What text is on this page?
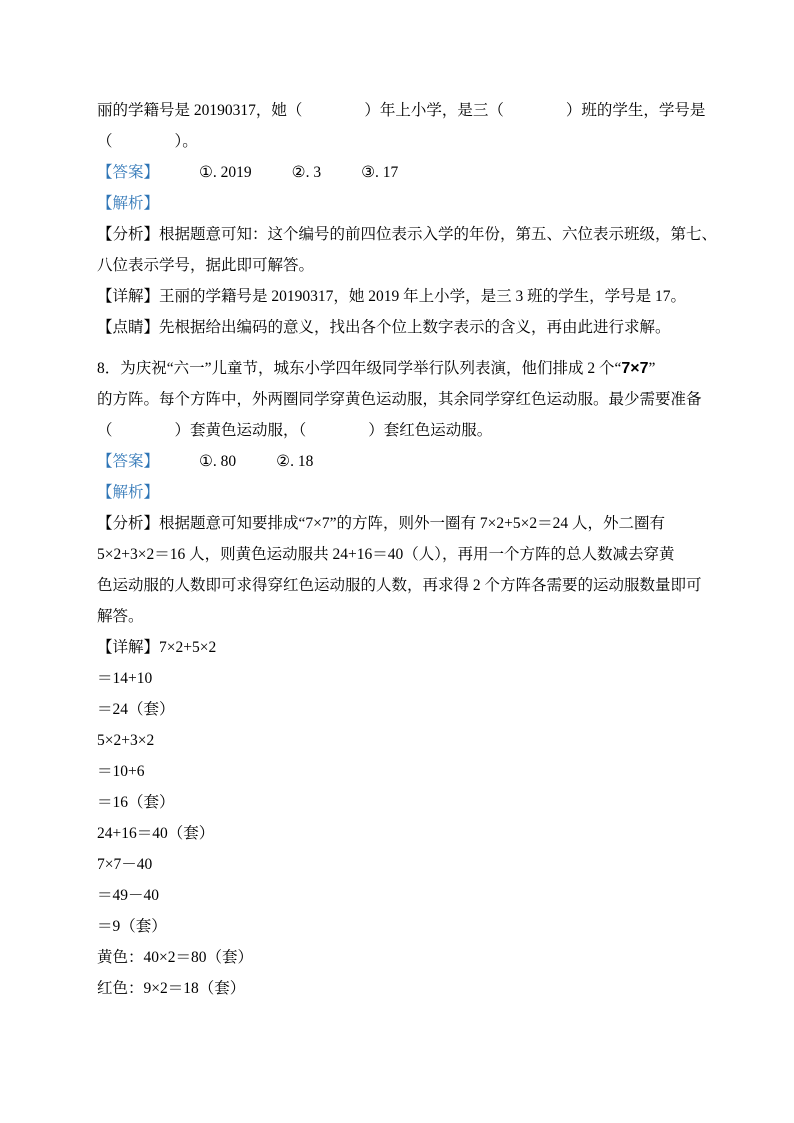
丽的学籍号是 20190317，她（　　　　）年上小学，是三（　　　　）班的学生，学号是

（　　　　）。

【答案】	①. 2019	②. 3	③. 17

【解析】

【分析】根据题意可知：这个编号的前四位表示入学的年份，第五、六位表示班级，第七、

八位表示学号，据此即可解答。

【详解】王丽的学籍号是 20190317，她 2019 年上小学，是三 3 班的学生，学号是 17。

【点睛】先根据给出编码的意义，找出各个位上数字表示的含义，再由此进行求解。

8．为庆祝“六一”儿童节，城东小学四年级同学举行队列表演，他们排成 2 个“7×7”

的方阵。每个方阵中，外两圈同学穿黄色运动服，其余同学穿红色运动服。最少需要准备

（　　　　）套黄色运动服，（　　　　）套红色运动服。

【答案】	①. 80	②. 18

【解析】

【分析】根据题意可知要排成“7×7”的方阵，则外一圈有 7×2+5×2＝24 人，外二圈有

5×2+3×2＝16 人，则黄色运动服共 24+16＝40（人），再用一个方阵的总人数减去穿黄

色运动服的人数即可求得穿红色运动服的人数，再求得 2 个方阵各需要的运动服数量即可

解答。

【详解】7×2+5×2

＝14+10

＝24（套）

5×2+3×2

＝10+6

＝16（套）

24+16＝40（套）

7×7－40

＝49－40

＝9（套）

黄色：40×2＝80（套）

红色：9×2＝18（套）
